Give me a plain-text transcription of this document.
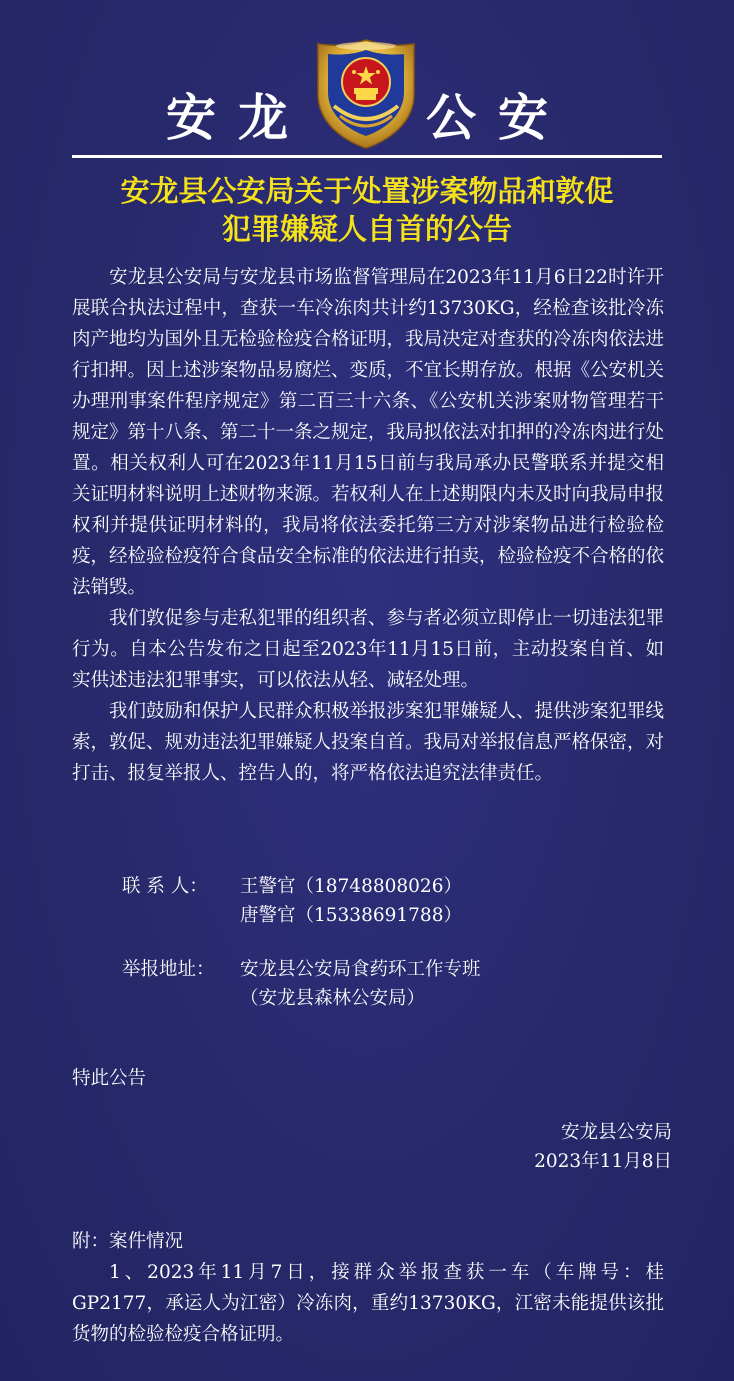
安龙 公安
安龙县公安局关于处置涉案物品和敦促
犯罪嫌疑人自首的公告

安龙县公安局与安龙县市场监督管理局在2023年11月6日22时许开展联合执法过程中，查获一车冷冻肉共计约13730KG，经检查该批冷冻肉产地均为国外且无检验检疫合格证明，我局决定对查获的冷冻肉依法进行扣押。因上述涉案物品易腐烂、变质，不宜长期存放。根据《公安机关办理刑事案件程序规定》第二百三十六条、《公安机关涉案财物管理若干规定》第十八条、第二十一条之规定，我局拟依法对扣押的冷冻肉进行处置。相关权利人可在2023年11月15日前与我局承办民警联系并提交相关证明材料说明上述财物来源。若权利人在上述期限内未及时向我局申报权利并提供证明材料的，我局将依法委托第三方对涉案物品进行检验检疫，经检验检疫符合食品安全标准的依法进行拍卖，检验检疫不合格的依法销毁。

我们敦促参与走私犯罪的组织者、参与者必须立即停止一切违法犯罪行为。自本公告发布之日起至2023年11月15日前，主动投案自首、如实供述违法犯罪事实，可以依法从轻、减轻处理。

我们鼓励和保护人民群众积极举报涉案犯罪嫌疑人、提供涉案犯罪线索，敦促、规劝违法犯罪嫌疑人投案自首。我局对举报信息严格保密，对打击、报复举报人、控告人的，将严格依法追究法律责任。

联 系 人： 王警官（18748808026）
唐警官（15338691788）
举报地址： 安龙县公安局食药环工作专班
（安龙县森林公安局）
特此公告
安龙县公安局
2023年11月8日
附：案件情况

1、2023年11月7日，接群众举报查获一车（车牌号：桂GP2177，承运人为江密）冷冻肉，重约13730KG，江密未能提供该批货物的检验检疫合格证明。
